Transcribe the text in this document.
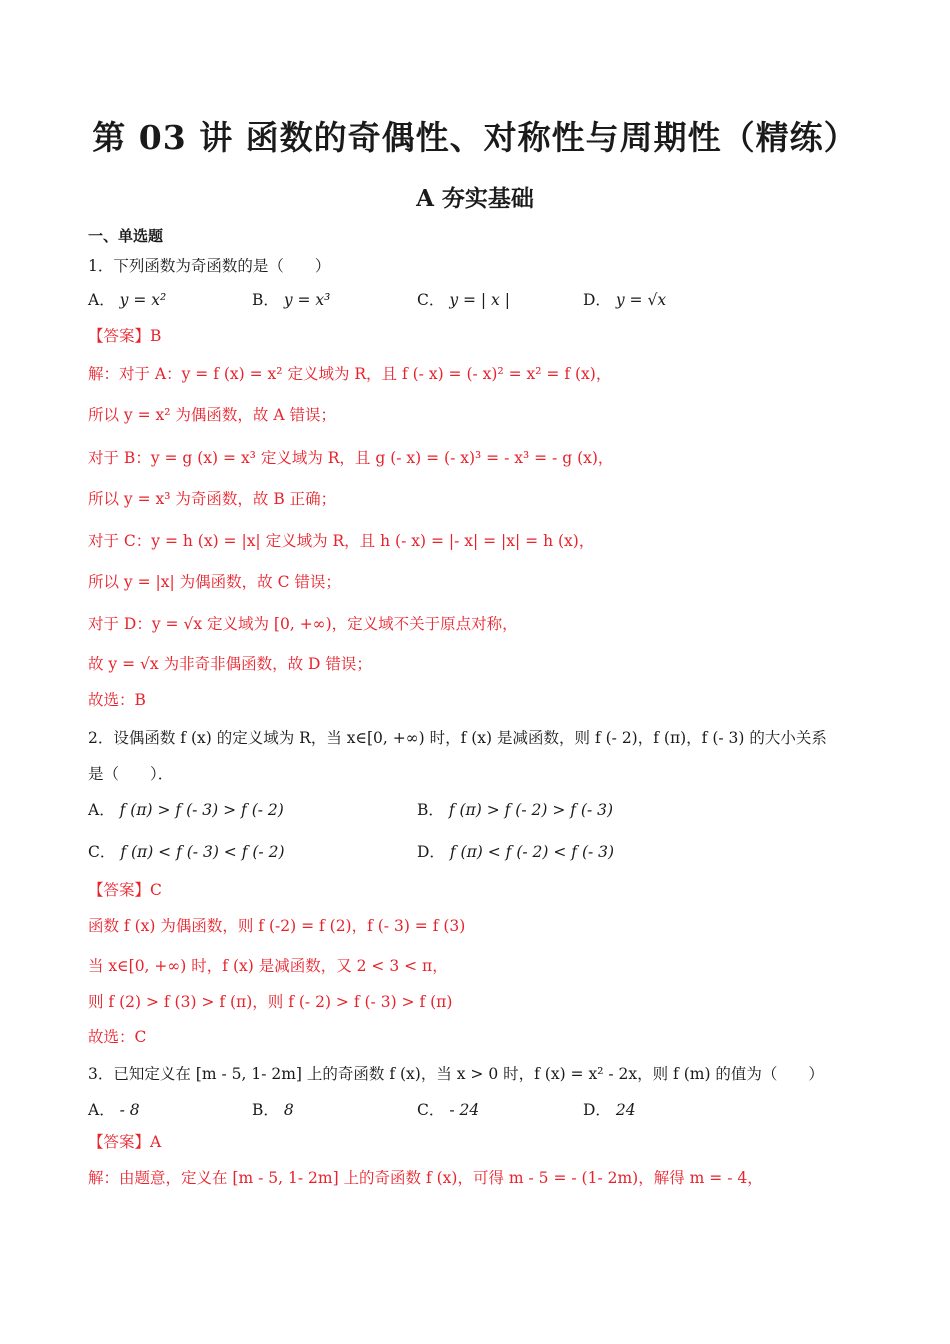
第 03 讲 函数的奇偶性、对称性与周期性（精练）
A 夯实基础
一、单选题
1．下列函数为奇函数的是（　　）
A． y = x²	B． y = x³	C． y = | x |	D． y = √x
【答案】B
解：对于 A：y = f (x) = x² 定义域为 R，且 f (- x) = (- x)² = x² = f (x)，
所以 y = x² 为偶函数，故 A 错误；
对于 B：y = g (x) = x³ 定义域为 R，且 g (- x) = (- x)³ = - x³ = - g (x)，
所以 y = x³ 为奇函数，故 B 正确；
对于 C：y = h (x) = |x| 定义域为 R，且 h (- x) = |- x| = |x| = h (x)，
所以 y = |x| 为偶函数，故 C 错误；
对于 D：y = √x 定义域为 [0, +∞)，定义域不关于原点对称，
故 y = √x 为非奇非偶函数，故 D 错误；
故选：B
2．设偶函数 f (x) 的定义域为 R，当 x∈[0, +∞) 时，f (x) 是减函数，则 f (- 2)，f (π)，f (- 3) 的大小关系
是（　　）．
A． f (π) > f (- 3) > f (- 2)	B． f (π) > f (- 2) > f (- 3)
C． f (π) < f (- 3) < f (- 2)	D． f (π) < f (- 2) < f (- 3)
【答案】C
函数 f (x) 为偶函数，则 f (-2) = f (2)，f (- 3) = f (3)
当 x∈[0, +∞) 时，f (x) 是减函数，又 2 < 3 < π，
则 f (2) > f (3) > f (π)，则 f (- 2) > f (- 3) > f (π)
故选：C
3．已知定义在 [m - 5, 1- 2m] 上的奇函数 f (x)，当 x > 0 时，f (x) = x² - 2x，则 f (m) 的值为（　　）
A． - 8	B． 8	C． - 24	D． 24
【答案】A
解：由题意，定义在 [m - 5, 1- 2m] 上的奇函数 f (x)，可得 m - 5 = - (1- 2m)，解得 m = - 4，
